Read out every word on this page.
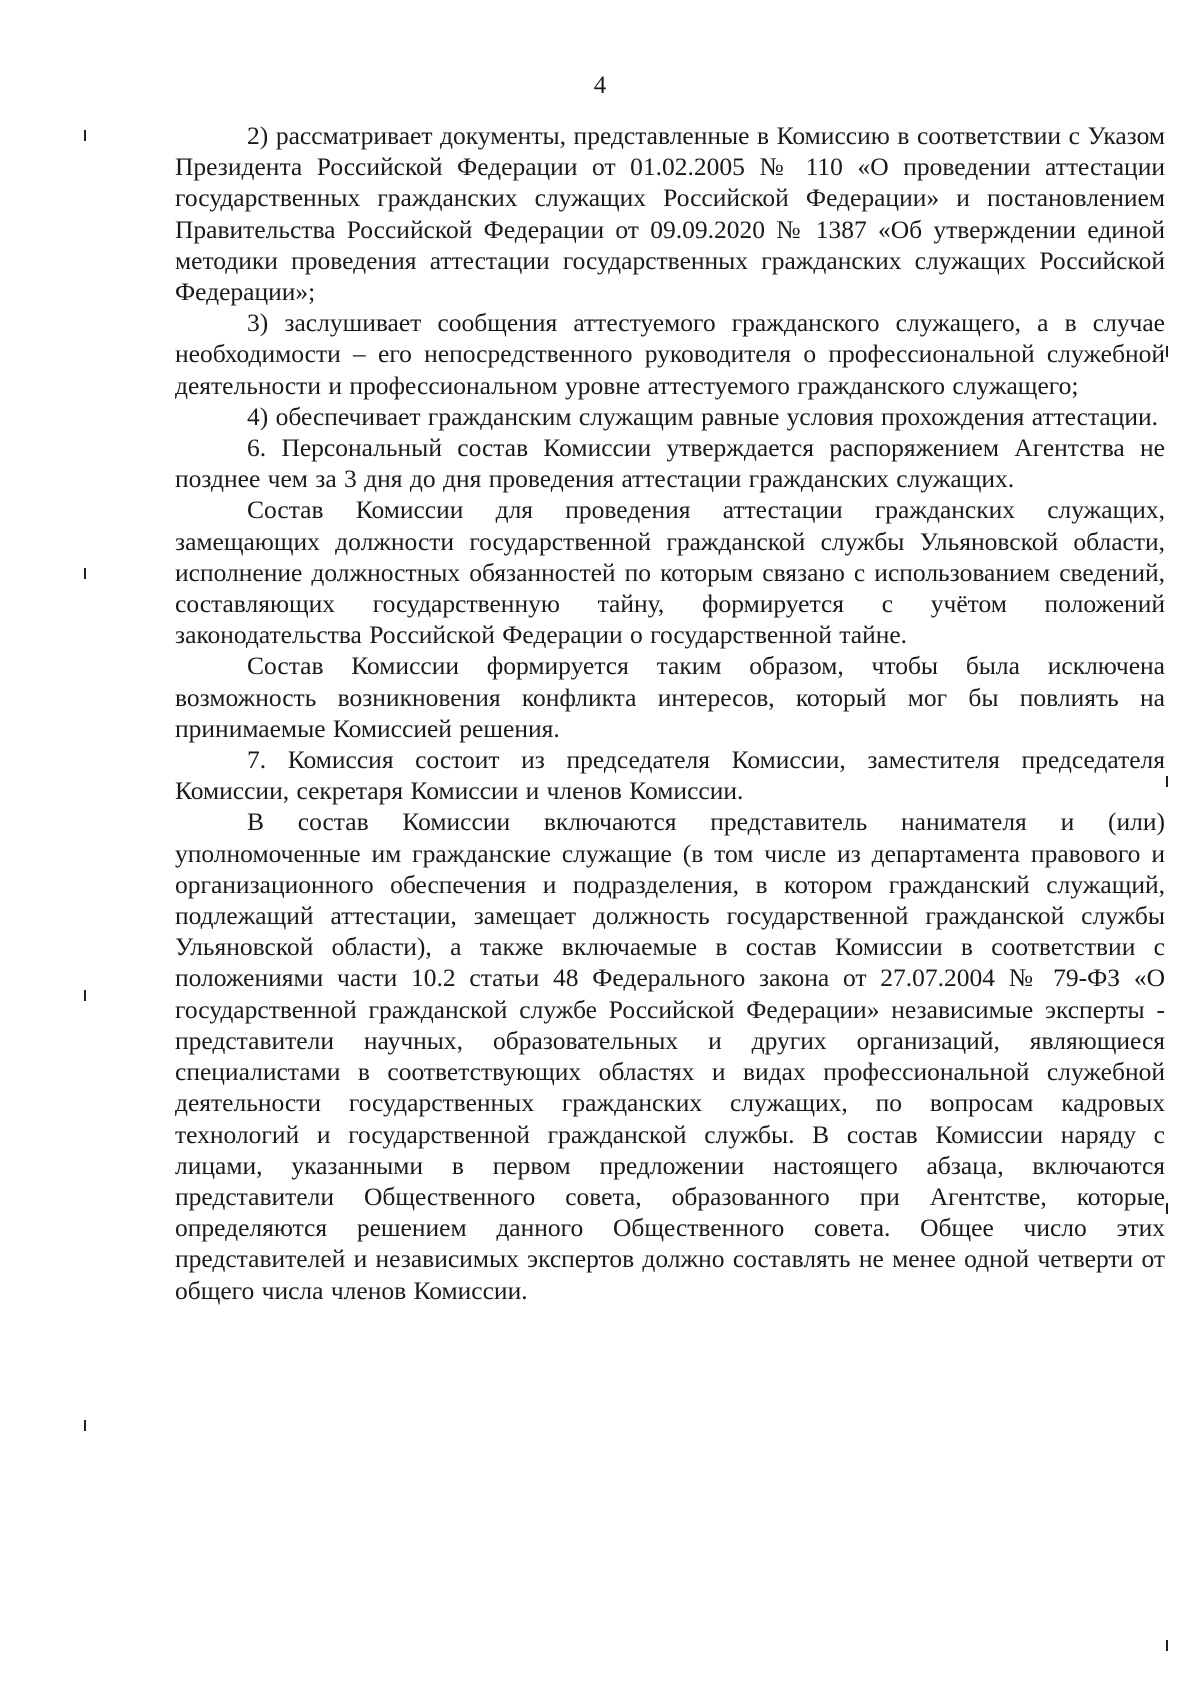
4

2) рассматривает документы, представленные в Комиссию в соответствии с Указом Президента Российской Федерации от 01.02.2005 № 110 «О проведении аттестации государственных гражданских служащих Российской Федерации» и постановлением Правительства Российской Федерации от 09.09.2020 № 1387 «Об утверждении единой методики проведения аттестации государственных гражданских служащих Российской Федерации»;

3) заслушивает сообщения аттестуемого гражданского служащего, а в случае необходимости – его непосредственного руководителя о профессиональной служебной деятельности и профессиональном уровне аттестуемого гражданского служащего;

4) обеспечивает гражданским служащим равные условия прохождения аттестации.

6. Персональный состав Комиссии утверждается распоряжением Агентства не позднее чем за 3 дня до дня проведения аттестации гражданских служащих.

Состав Комиссии для проведения аттестации гражданских служащих, замещающих должности государственной гражданской службы Ульяновской области, исполнение должностных обязанностей по которым связано с использованием сведений, составляющих государственную тайну, формируется с учётом положений законодательства Российской Федерации о государственной тайне.

Состав Комиссии формируется таким образом, чтобы была исключена возможность возникновения конфликта интересов, который мог бы повлиять на принимаемые Комиссией решения.

7. Комиссия состоит из председателя Комиссии, заместителя председателя Комиссии, секретаря Комиссии и членов Комиссии.

В состав Комиссии включаются представитель нанимателя и (или) уполномоченные им гражданские служащие (в том числе из департамента правового и организационного обеспечения и подразделения, в котором гражданский служащий, подлежащий аттестации, замещает должность государственной гражданской службы Ульяновской области), а также включаемые в состав Комиссии в соответствии с положениями части 10.2 статьи 48 Федерального закона от 27.07.2004 № 79-ФЗ «О государственной гражданской службе Российской Федерации» независимые эксперты - представители научных, образовательных и других организаций, являющиеся специалистами в соответствующих областях и видах профессиональной служебной деятельности государственных гражданских служащих, по вопросам кадровых технологий и государственной гражданской службы. В состав Комиссии наряду с лицами, указанными в первом предложении настоящего абзаца, включаются представители Общественного совета, образованного при Агентстве, которые определяются решением данного Общественного совета. Общее число этих представителей и независимых экспертов должно составлять не менее одной четверти от общего числа членов Комиссии.
